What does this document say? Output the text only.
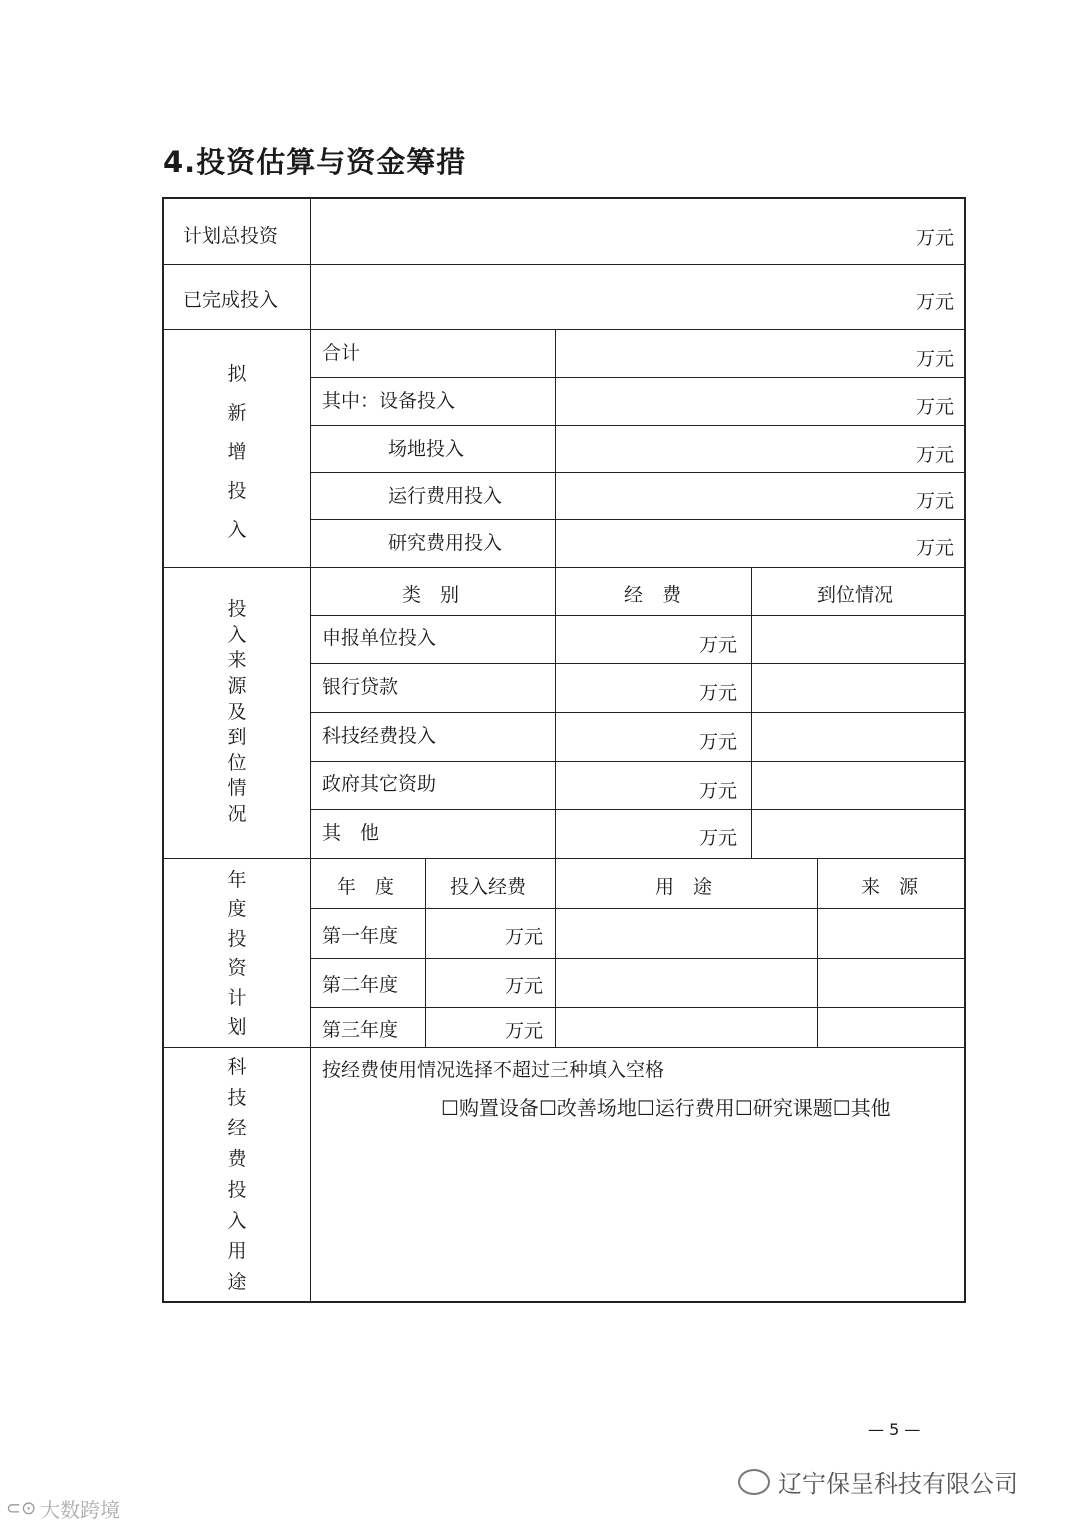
4.投资估算与资金筹措
计划总投资	万元
已完成投入	万元
拟
新
增
投
入
合计	万元
其中：设备投入	万元
场地投入	万元
运行费用投入	万元
研究费用投入	万元
投
入
来
源
及
到
位
情
况
类　别	经　费	到位情况
申报单位投入	万元
银行贷款	万元
科技经费投入	万元
政府其它资助	万元
其　他	万元
年
度
投
资
计
划
年　度	投入经费	用　途	来　源
第一年度	万元
第二年度	万元
第三年度	万元
科
技
经
费
投
入
用
途
按经费使用情况选择不超过三种填入空格
☐购置设备☐改善场地☐运行费用☐研究课题☐其他
— 5 —
辽宁保呈科技有限公司
⊂⊙ 大数跨境
